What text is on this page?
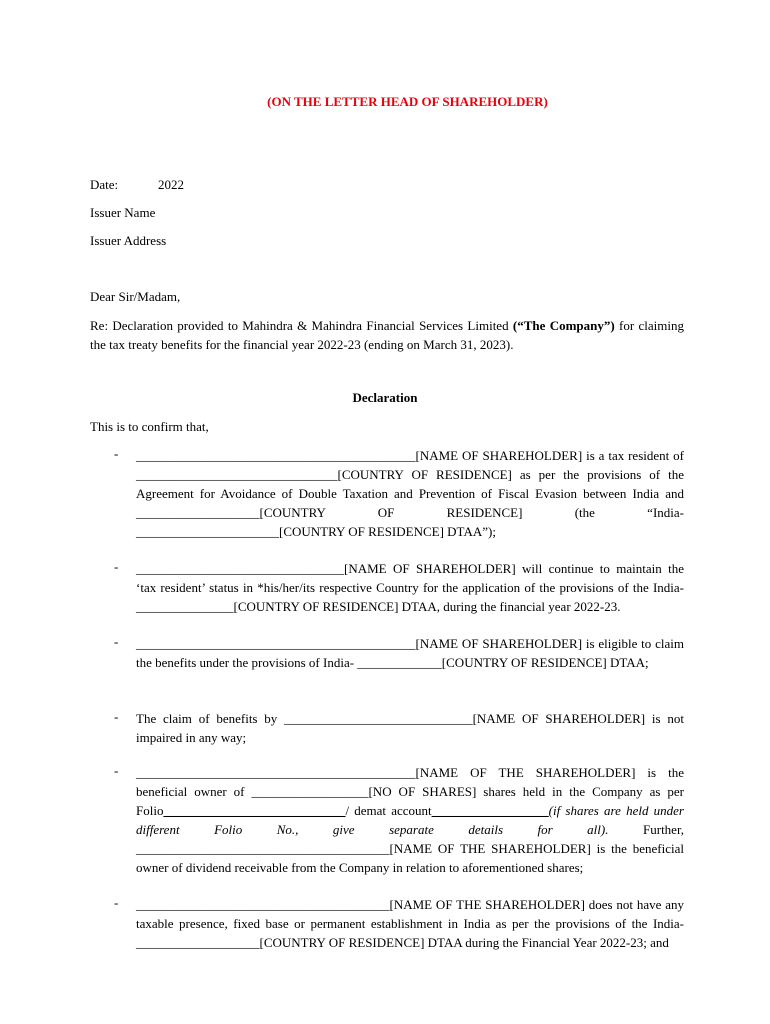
(ON THE LETTER HEAD OF SHAREHOLDER)
Date:	2022
Issuer Name
Issuer Address
Dear Sir/Madam,
Re: Declaration provided to Mahindra & Mahindra Financial Services Limited (“The Company”) for claiming the tax treaty benefits for the financial year 2022-23 (ending on March 31, 2023).
Declaration
This is to confirm that,
- ___________________________________________[NAME OF SHAREHOLDER] is a tax resident of _______________________________[COUNTRY OF RESIDENCE] as per the provisions of the Agreement for Avoidance of Double Taxation and Prevention of Fiscal Evasion between India and ___________________[COUNTRY OF RESIDENCE] (the “India-______________________[COUNTRY OF RESIDENCE] DTAA”);
- ________________________________[NAME OF SHAREHOLDER] will continue to maintain the ‘tax resident’ status in *his/her/its respective Country for the application of the provisions of the India-_______________[COUNTRY OF RESIDENCE] DTAA, during the financial year 2022-23.
- ___________________________________________[NAME OF SHAREHOLDER] is eligible to claim the benefits under the provisions of India- _____________[COUNTRY OF RESIDENCE] DTAA;
- The claim of benefits by _____________________________[NAME OF SHAREHOLDER] is not impaired in any way;
- ___________________________________________[NAME OF THE SHAREHOLDER] is the beneficial owner of __________________[NO OF SHARES] shares held in the Company as per Folio____________________________/ demat account__________________(if shares are held under different Folio No., give separate details for all). Further, _______________________________________[NAME OF THE SHAREHOLDER] is the beneficial owner of dividend receivable from the Company in relation to aforementioned shares;
- _______________________________________[NAME OF THE SHAREHOLDER] does not have any taxable presence, fixed base or permanent establishment in India as per the provisions of the India- ___________________[COUNTRY OF RESIDENCE] DTAA during the Financial Year 2022-23; and
